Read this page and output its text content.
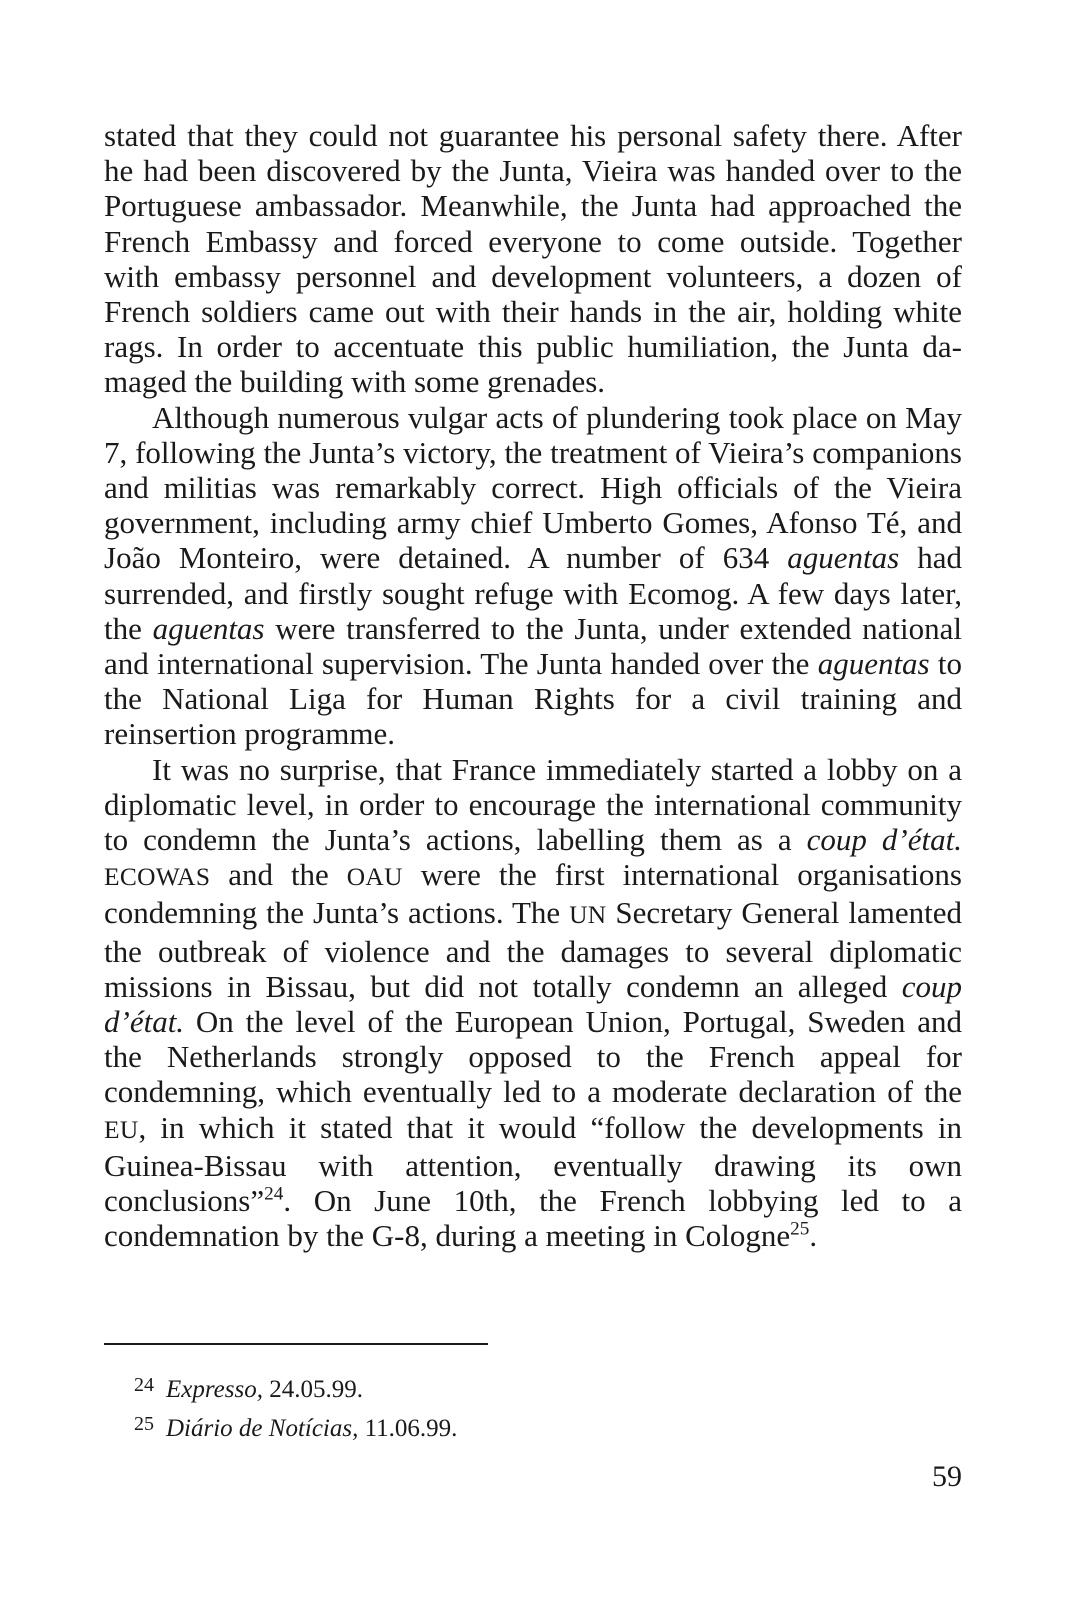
stated that they could not guarantee his personal safety there. After he had been discovered by the Junta, Vieira was handed over to the Portuguese ambassador. Meanwhile, the Junta had approached the French Embassy and forced everyone to come outside. Together with embassy personnel and development volunteers, a dozen of French soldiers came out with their hands in the air, holding white rags. In order to accentuate this public humiliation, the Junta damaged the building with some grenades.

Although numerous vulgar acts of plundering took place on May 7, following the Junta’s victory, the treatment of Vieira’s companions and militias was remarkably correct. High officials of the Vieira government, including army chief Umberto Gomes, Afonso Té, and João Monteiro, were detained. A number of 634 aguentas had surrended, and firstly sought refuge with Ecomog. A few days later, the aguentas were transferred to the Junta, under extended national and international supervision. The Junta handed over the aguentas to the National Liga for Human Rights for a civil training and reinsertion programme.

It was no surprise, that France immediately started a lobby on a diplomatic level, in order to encourage the international community to condemn the Junta’s actions, labelling them as a coup d’état. ECOWAS and the OAU were the first international organisations condemning the Junta’s actions. The UN Secretary General lamented the outbreak of violence and the damages to several diplomatic missions in Bissau, but did not totally condemn an alleged coup d’état. On the level of the European Union, Portugal, Sweden and the Netherlands strongly opposed to the French appeal for condemning, which eventually led to a moderate declaration of the EU, in which it stated that it would “follow the developments in Guinea-Bissau with attention, eventually drawing its own conclusions”$^{24}$. On June 10th, the French lobbying led to a condemnation by the G-8, during a meeting in Cologne$^{25}$.

$^{24}$ Expresso, 24.05.99.
$^{25}$ Diário de Notícias, 11.06.99.
59
